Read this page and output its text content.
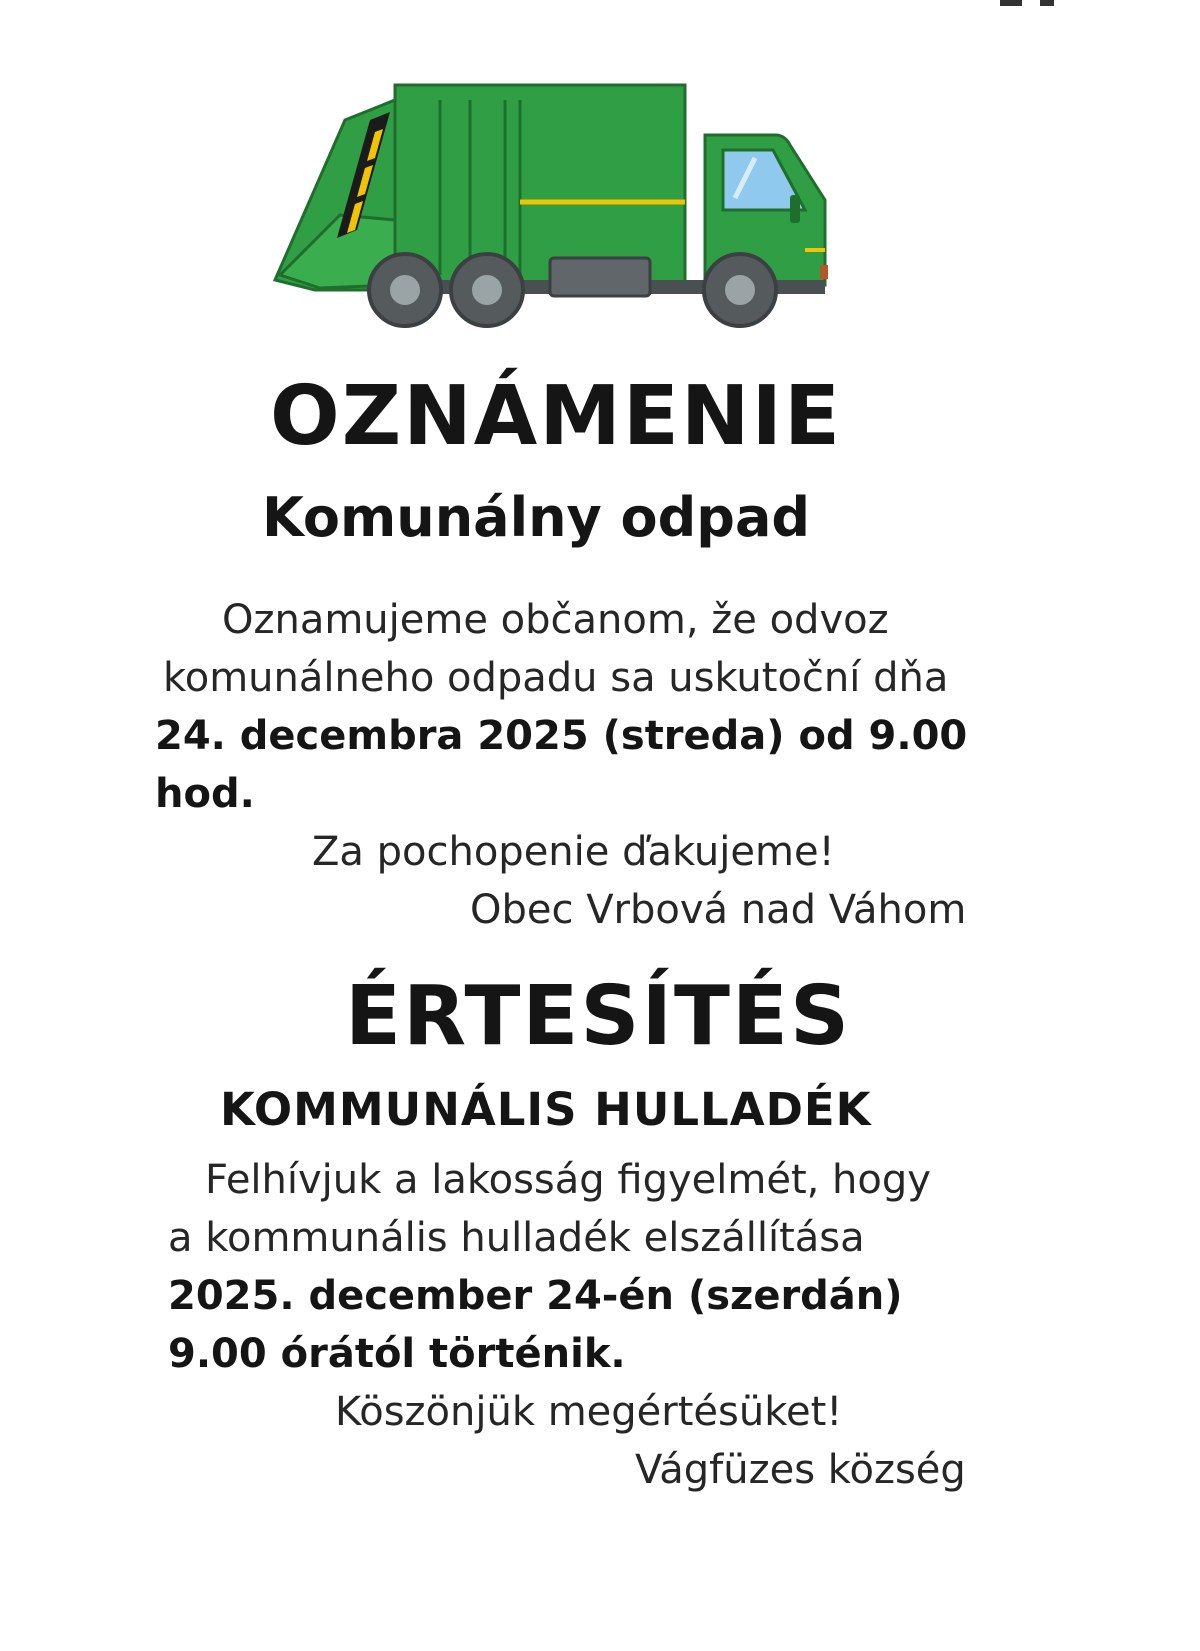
OZNÁMENIE
Komunálny odpad

Oznamujeme občanom, že odvoz

komunálneho odpadu sa uskutoční dňa

24. decembra 2025 (streda) od 9.00

hod.

Za pochopenie ďakujeme!

Obec Vrbová nad Váhom

ÉRTESÍTÉS
KOMMUNÁLIS HULLADÉK

Felhívjuk a lakosság figyelmét, hogy

a kommunális hulladék elszállítása

2025. december 24-én (szerdán)

9.00 órától történik.

Köszönjük megértésüket!

Vágfüzes község
